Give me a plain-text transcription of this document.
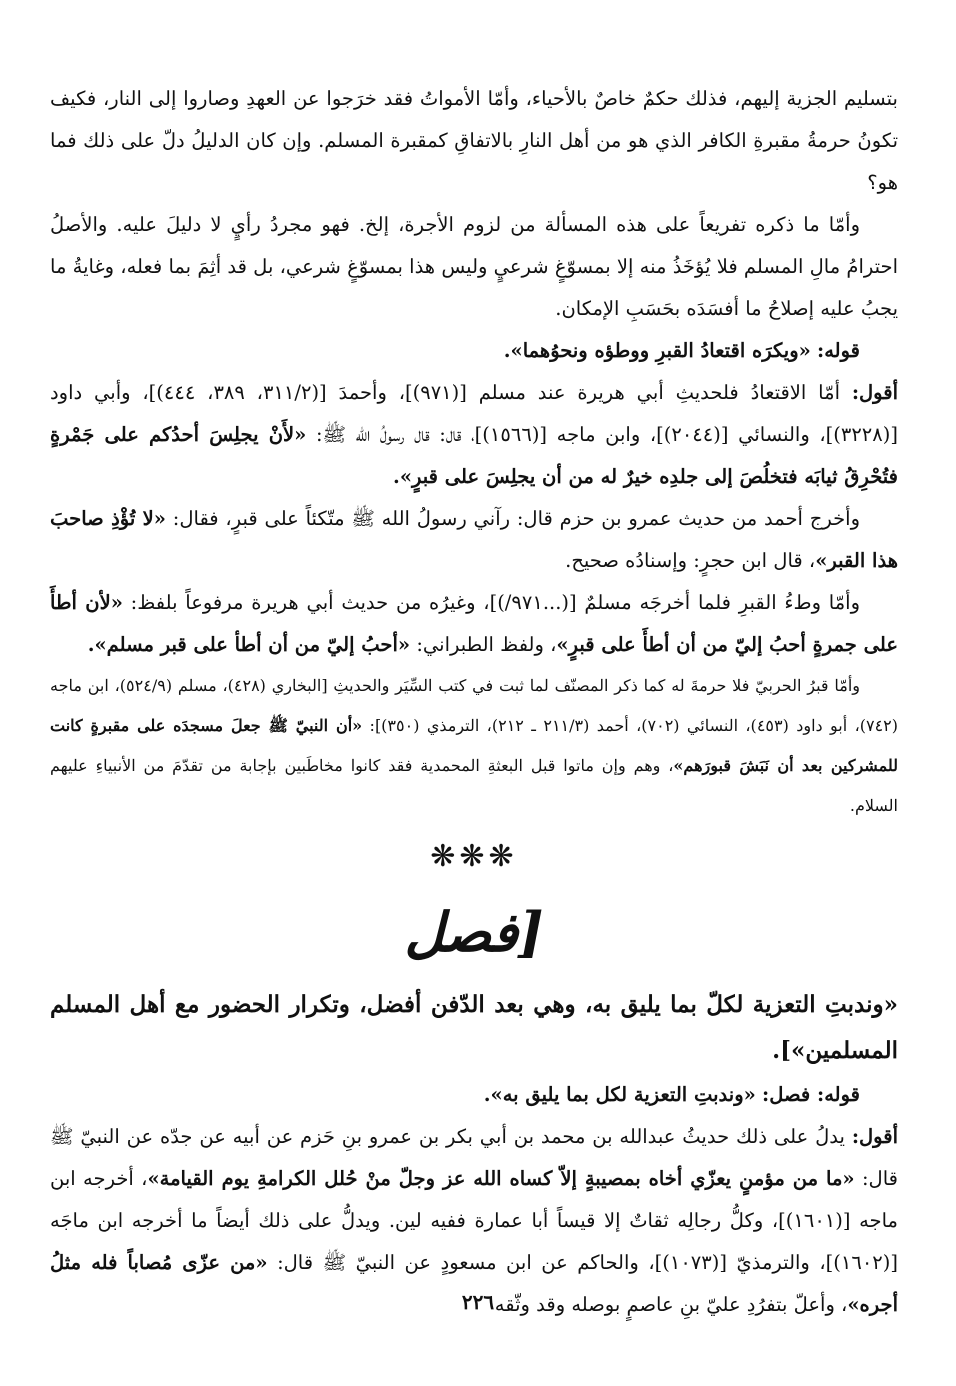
بتسليم الجزية إليهم، فذلك حكمٌ خاصٌ بالأحياء، وأمّا الأمواتُ فقد خرَجوا عن العهدِ وصاروا إلى النار، فكيف تكونُ حرمةُ مقبرةِ الكافر الذي هو من أهل النارِ بالاتفاقِ كمقبرة المسلم. وإن كان الدليلُ دلّ على ذلك فما هو؟

وأمّا ما ذكره تفريعاً على هذه المسألة من لزوم الأجرة، إلخ. فهو مجردُ رأيٍ لا دليلَ عليه. والأصلُ احترامُ مالِ المسلم فلا يُؤخَذُ منه إلا بمسوّغٍ شرعيٍ وليس هذا بمسوّغٍ شرعي، بل قد أثِمَ بما فعله، وغايةُ ما يجبُ عليه إصلاحُ ما أفسَدَه بحَسَبِ الإمكان.

قوله: «ويكرَه اقتعادُ القبرِ ووطؤه ونحوُهما».

أقول: أمّا الاقتعادُ فلحديثِ أبي هريرة عند مسلم [(٩٧١)]، وأحمدَ [(٣١١/٢، ٣٨٩، ٤٤٤)]، وأبي داود [(٣٢٢٨)]، والنسائي [(٢٠٤٤)]، وابن ماجه [(١٥٦٦)]، قال: قال رسولُ الله ﷺ: «لأَنْ يجلِسَ أحدُكم على جَمْرةٍ فتُحْرِقُ ثيابَه فتخلُصَ إلى جلدِه خيرٌ له من أن يجلِسَ على قبرٍ».

وأخرج أحمد من حديث عمرو بن حزم قال: رآني رسولُ الله ﷺ متّكئاً على قبرٍ، فقال: «لا تُؤْذِ صاحبَ هذا القبر»، قال ابن حجرٍ: وإسنادُه صحيح.

وأمّا وطءُ القبرِ فلما أخرجَه مسلمٌ [(...٩٧١/)]، وغيرُه من حديث أبي هريرة مرفوعاً بلفظ: «لأن أطأَ على جمرةٍ أحبُ إليّ من أن أطأَ على قبرٍ»، ولفظ الطبراني: «أحبُ إليّ من أن أطأ على قبر مسلم».

وأمّا قبرُ الحربيّ فلا حرمةَ له كما ذكر المصنّف لما ثبت في كتب السِّيَر والحديثِ [البخاري (٤٢٨)، مسلم (٥٢٤/٩)، ابن ماجه (٧٤٢)، أبو داود (٤٥٣)، النسائي (٧٠٢)، أحمد (٢١١/٣ ـ ٢١٢)، الترمذي (٣٥٠)]: «أن النبيّ ﷺ جعلَ مسجدَه على مقبرةٍ كانت للمشركين بعد أن نَبَشَ قبورَهم»، وهم وإن ماتوا قبل البعثةِ المحمدية فقد كانوا مخاطَبين بإجابة من تقدّمَ من الأنبياءِ عليهم السلام.

❋❋❋
[فصل

«وندبتِ التعزية لكلّ بما يليق به، وهي بعد الدّفن أفضل، وتكرار الحضور مع أهل المسلم المسلمين»].

قوله: فصل: «وندبتِ التعزية لكل بما يليق به».

أقول: يدلُ على ذلك حديثُ عبدالله بن محمد بن أبي بكر بن عمرو بنِ حَزم عن أبيه عن جدّه عن النبيّ ﷺ قال: «ما من مؤمنٍ يعزّي أخاه بمصيبةٍ إلاّ كساه الله عز وجلّ منْ حُلل الكرامةِ يوم القيامة»، أخرجه ابن ماجه [(١٦٠١)]، وكلُّ رجالِه ثقاتٌ إلا قيساً أبا عمارة ففيه لين. ويدلُّ على ذلك أيضاً ما أخرجه ابن ماجَه [(١٦٠٢)]، والترمذيّ [(١٠٧٣)]، والحاكم عن ابن مسعودٍ عن النبيّ ﷺ قال: «من عزّى مُصاباً فله مثلُ أجره»، وأعلّ بتفرُدِ عليّ بنِ عاصمٍ بوصله وقد وثّقه

٢٢٦
